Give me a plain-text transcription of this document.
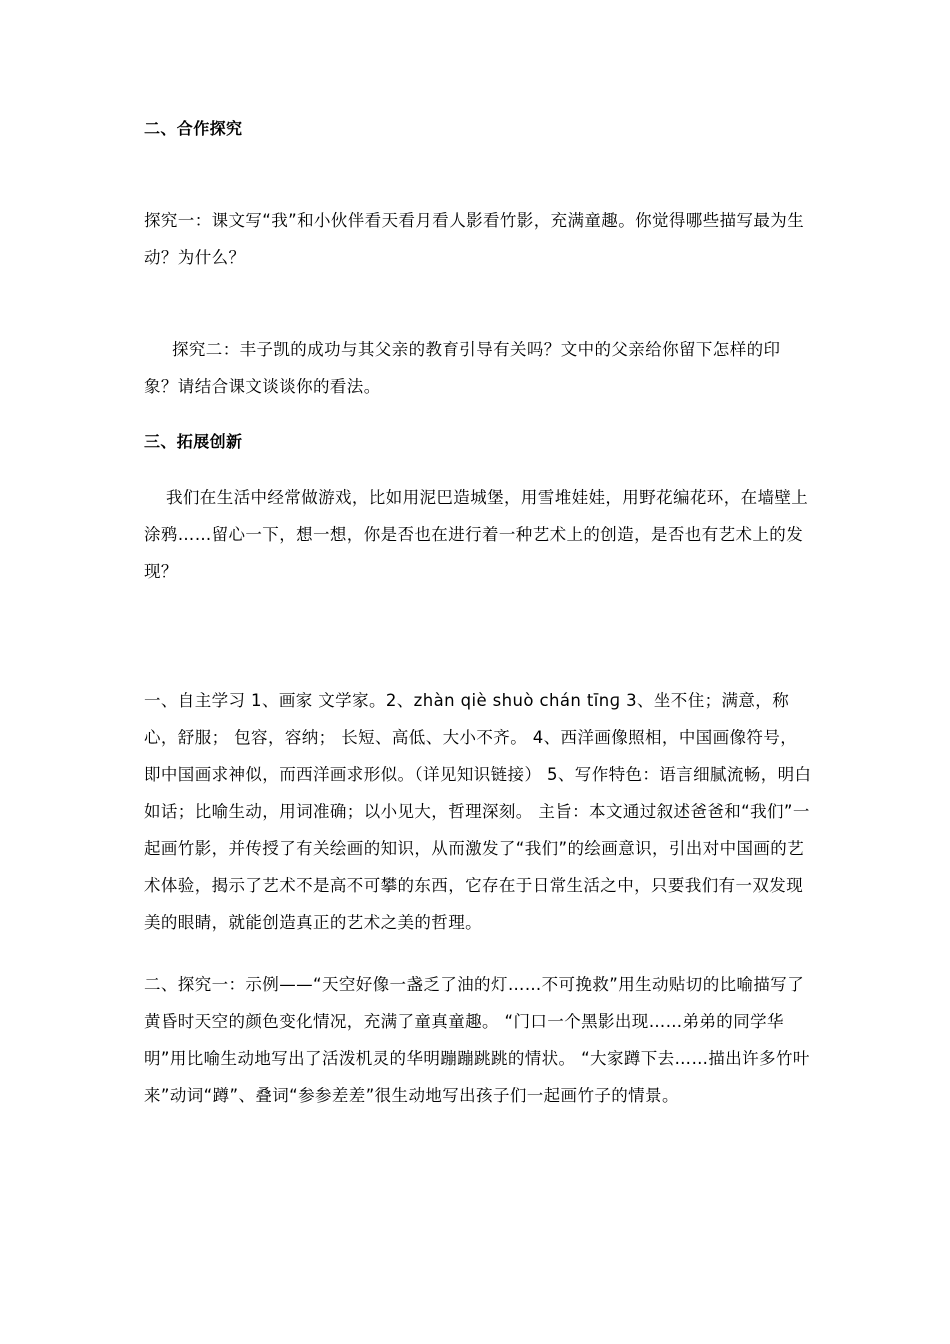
二、合作探究

探究一：课文写“我”和小伙伴看天看月看人影看竹影，充满童趣。你觉得哪些描写最为生动？为什么？

探究二：丰子凯的成功与其父亲的教育引导有关吗？文中的父亲给你留下怎样的印象？请结合课文谈谈你的看法。

三、拓展创新

我们在生活中经常做游戏，比如用泥巴造城堡，用雪堆娃娃，用野花编花环，在墙壁上涂鸦……留心一下，想一想，你是否也在进行着一种艺术上的创造，是否也有艺术上的发现？

一、自主学习 1、画家 文学家。2、zhàn qiè shuò chán tīnɡ 3、坐不住；满意，称心，舒服； 包容，容纳； 长短、高低、大小不齐。 4、西洋画像照相，中国画像符号，即中国画求神似，而西洋画求形似。（详见知识链接） 5、写作特色：语言细腻流畅，明白如话；比喻生动，用词准确；以小见大，哲理深刻。 主旨：本文通过叙述爸爸和“我们”一起画竹影，并传授了有关绘画的知识，从而激发了“我们”的绘画意识，引出对中国画的艺术体验，揭示了艺术不是高不可攀的东西，它存在于日常生活之中，只要我们有一双发现美的眼睛，就能创造真正的艺术之美的哲理。

二、探究一：示例——“天空好像一盏乏了油的灯……不可挽救”用生动贴切的比喻描写了黄昏时天空的颜色变化情况，充满了童真童趣。 “门口一个黑影出现……弟弟的同学华明”用比喻生动地写出了活泼机灵的华明蹦蹦跳跳的情状。 “大家蹲下去……描出许多竹叶来”动词“蹲”、叠词“参参差差”很生动地写出孩子们一起画竹子的情景。
